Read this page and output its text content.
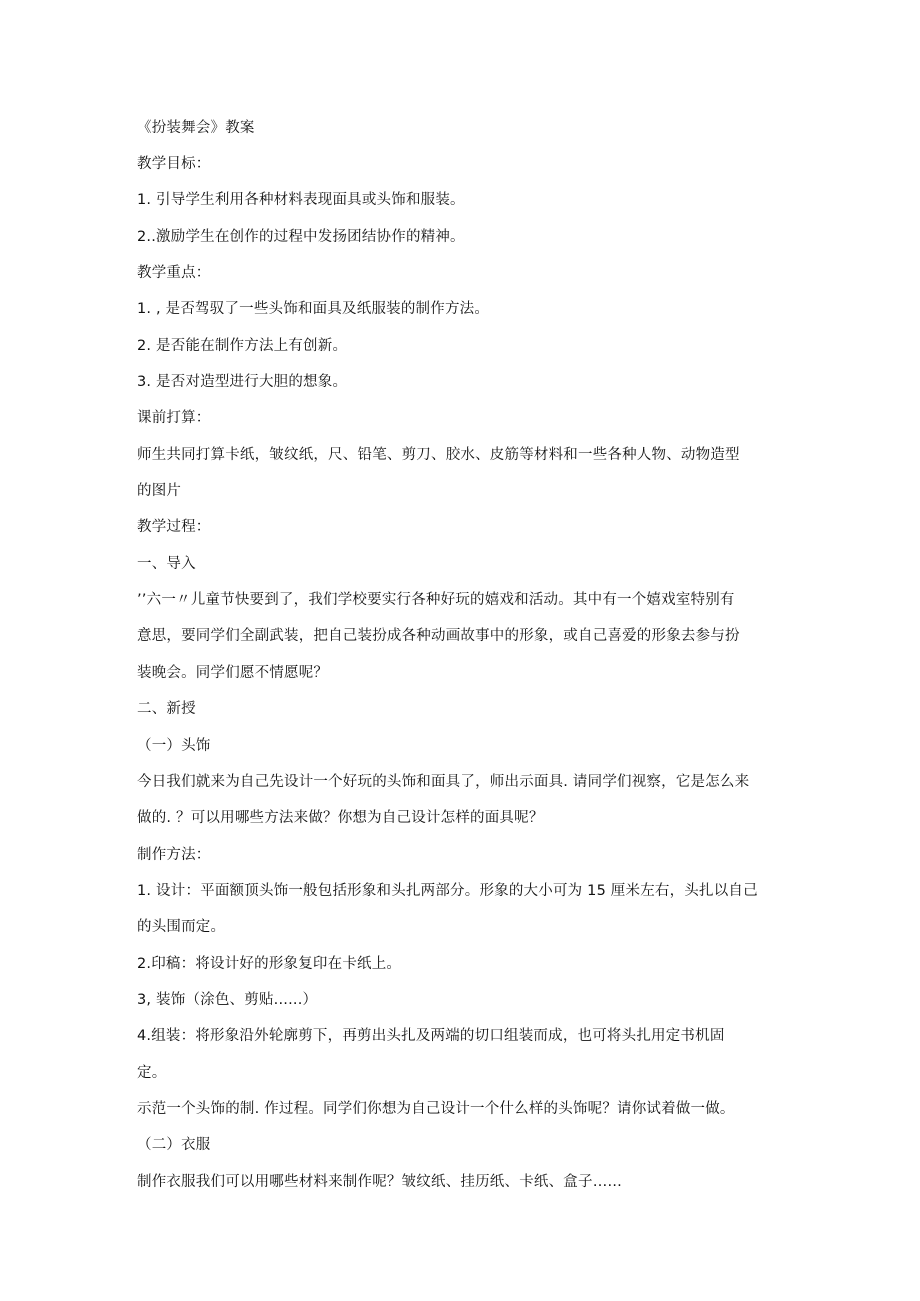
《扮装舞会》教案
教学目标：
1. 引导学生利用各种材料表现面具或头饰和服装。
2..激励学生在创作的过程中发扬团结协作的精神。
教学重点：
1. , 是否驾驭了一些头饰和面具及纸服装的制作方法。
2. 是否能在制作方法上有创新。
3. 是否对造型进行大胆的想象。
课前打算：
师生共同打算卡纸，皱纹纸，尺、铅笔、剪刀、胶水、皮筋等材料和一些各种人物、动物造型
的图片
教学过程：
一、导入
’’六一〃儿童节快要到了，我们学校要实行各种好玩的嬉戏和活动。其中有一个嬉戏室特别有
意思，要同学们全副武装，把自己装扮成各种动画故事中的形象，或自己喜爱的形象去参与扮
装晚会。同学们愿不情愿呢？
二、新授
（一）头饰
今日我们就来为自己先设计一个好玩的头饰和面具了，师出示面具. 请同学们视察，它是怎么来
做的. ？可以用哪些方法来做？你想为自己设计怎样的面具呢？
制作方法：
1. 设计：平面额顶头饰一般包括形象和头扎两部分。形象的大小可为 15 厘米左右，头扎以自己
的头围而定。
2.印稿：将设计好的形象复印在卡纸上。
3, 装饰（涂色、剪贴......）
4.组装：将形象沿外轮廓剪下，再剪出头扎及两端的切口组装而成，也可将头扎用定书机固
定。
示范一个头饰的制. 作过程。同学们你想为自己设计一个什么样的头饰呢？请你试着做一做。
（二）衣服
制作衣服我们可以用哪些材料来制作呢？皱纹纸、挂历纸、卡纸、盒子……
